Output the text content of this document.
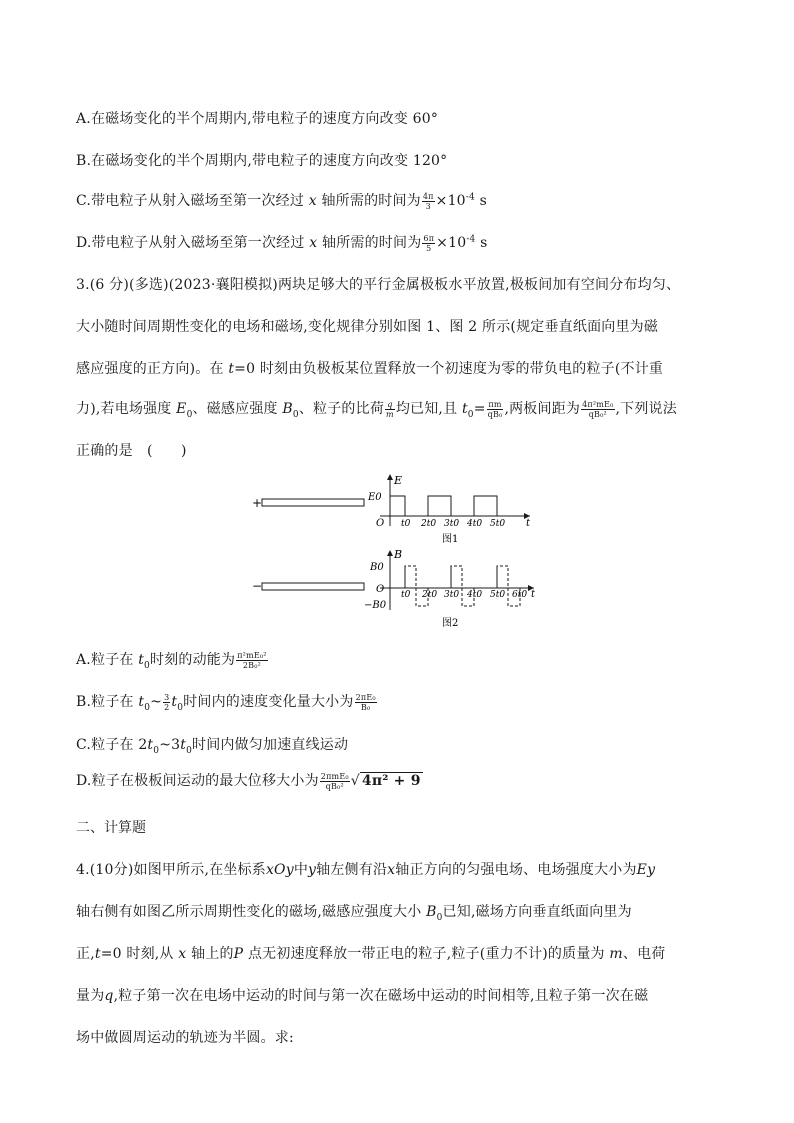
A.在磁场变化的半个周期内,带电粒子的速度方向改变 60°
B.在磁场变化的半个周期内,带电粒子的速度方向改变 120°
C.带电粒子从射入磁场至第一次经过 x 轴所需的时间为 $\frac{4\pi}{3} \times 10^{-4}$ s
D.带电粒子从射入磁场至第一次经过 x 轴所需的时间为 $\frac{6\pi}{5} \times 10^{-4}$ s
3.(6 分)(多选)(2023·襄阳模拟)两块足够大的平行金属极板水平放置,极板间加有空间分布均匀、
大小随时间周期性变化的电场和磁场,变化规律分别如图 1、图 2 所示(规定垂直纸面向里为磁
感应强度的正方向)。在 t=0 时刻由负极板某位置释放一个初速度为零的带负电的粒子(不计重
力),若电场强度 $E_0$、磁感应强度 $B_0$、粒子的比荷 $\frac{q}{m}$ 均已知,且 $t_0= \frac{\pi m}{\text{qB₀}}$ ,两板间距为 $\frac{\text{4π²mE₀}}{\text{qB₀²}}$ ,下列说法
正确的是　(　　)
+
E
E0
O t0 2t0 3t0 4t0 5t0 t
图1
−
B
B0
−B0
O t0 2t0 3t0 4t0 5t0 6t0 t
图2
A.粒子在 $t_0$时刻的动能为 $\frac{\text{π²mE₀²}}{\text{2B₀²}}$
B.粒子在 $t_0\sim \frac{3}{2} t_0$时间内的速度变化量大小为 $\frac{\text{2πE₀}}{\text{B₀}}$
C.粒子在 $2t_0\sim 3t_0$时间内做匀加速直线运动
D.粒子在极板间运动的最大位移大小为 $\frac{\text{2πmE₀}}{\text{qB₀²}}$ √ 4π² + 9
二、计算题
4.(10分)如图甲所示,在坐标系xOy中y轴左侧有沿x轴正方向的匀强电场、电场强度大小为Ey
轴右侧有如图乙所示周期性变化的磁场,磁感应强度大小 $B_0$已知,磁场方向垂直纸面向里为
正,t=0 时刻,从 x 轴上的P 点无初速度释放一带正电的粒子,粒子(重力不计)的质量为 m、电荷
量为q,粒子第一次在电场中运动的时间与第一次在磁场中运动的时间相等,且粒子第一次在磁
场中做圆周运动的轨迹为半圆。求:
